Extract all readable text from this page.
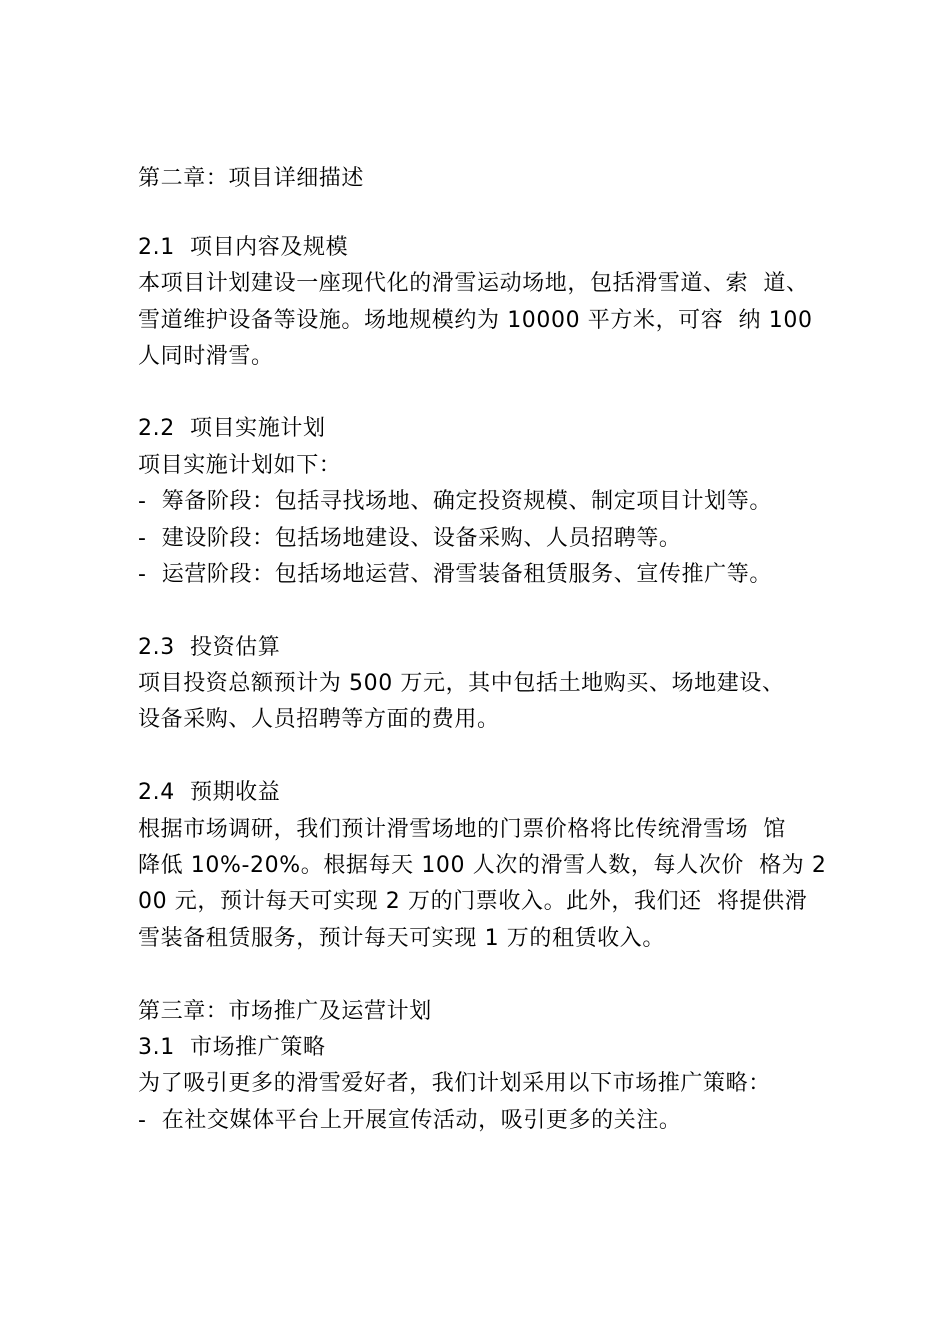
第二章：项目详细描述
2.1  项目内容及规模
本项目计划建设一座现代化的滑雪运动场地，包括滑雪道、索  道、
雪道维护设备等设施。场地规模约为 10000 平方米，可容  纳 100
人同时滑雪。
2.2  项目实施计划
项目实施计划如下：
-  筹备阶段：包括寻找场地、确定投资规模、制定项目计划等。
-  建设阶段：包括场地建设、设备采购、人员招聘等。
-  运营阶段：包括场地运营、滑雪装备租赁服务、宣传推广等。
2.3  投资估算
项目投资总额预计为 500 万元，其中包括土地购买、场地建设、
设备采购、人员招聘等方面的费用。
2.4  预期收益
根据市场调研，我们预计滑雪场地的门票价格将比传统滑雪场  馆
降低 10%-20%。根据每天 100 人次的滑雪人数，每人次价  格为 2
00 元，预计每天可实现 2 万的门票收入。此外，我们还  将提供滑
雪装备租赁服务，预计每天可实现 1 万的租赁收入。
第三章：市场推广及运营计划
3.1  市场推广策略
为了吸引更多的滑雪爱好者，我们计划采用以下市场推广策略：
-  在社交媒体平台上开展宣传活动，吸引更多的关注。
